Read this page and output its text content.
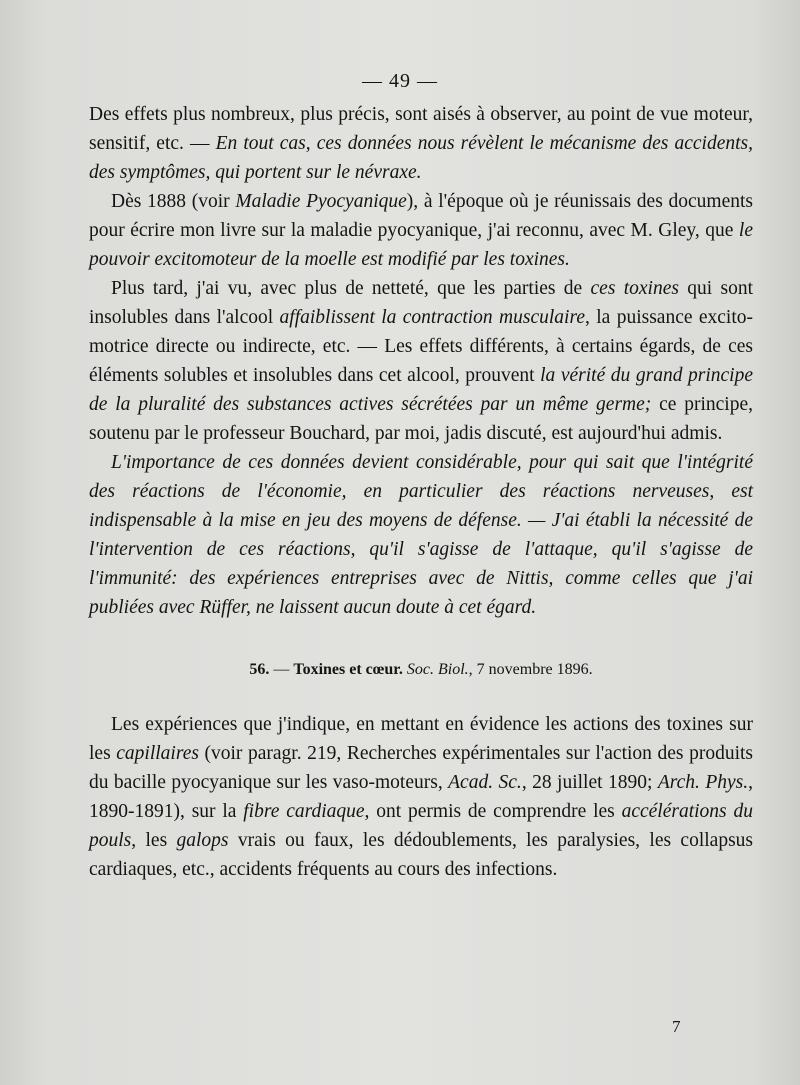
— 49 —

Des effets plus nombreux, plus précis, sont aisés à observer, au point de vue moteur, sensitif, etc. — En tout cas, ces données nous révèlent le mécanisme des accidents, des symptômes, qui portent sur le névraxe.

Dès 1888 (voir Maladie Pyocyanique), à l'époque où je réunissais des documents pour écrire mon livre sur la maladie pyocyanique, j'ai reconnu, avec M. Gley, que le pouvoir excitomoteur de la moelle est modifié par les toxines.

Plus tard, j'ai vu, avec plus de netteté, que les parties de ces toxines qui sont insolubles dans l'alcool affaiblissent la contraction musculaire, la puissance excito-motrice directe ou indirecte, etc. — Les effets différents, à certains égards, de ces éléments solubles et insolubles dans cet alcool, prouvent la vérité du grand principe de la pluralité des substances actives sécrétées par un même germe; ce principe, soutenu par le professeur Bouchard, par moi, jadis discuté, est aujourd'hui admis.

L'importance de ces données devient considérable, pour qui sait que l'intégrité des réactions de l'économie, en particulier des réactions nerveuses, est indispensable à la mise en jeu des moyens de défense. — J'ai établi la nécessité de l'intervention de ces réactions, qu'il s'agisse de l'attaque, qu'il s'agisse de l'immunité: des expériences entreprises avec de Nittis, comme celles que j'ai publiées avec Rüffer, ne laissent aucun doute à cet égard.

56. — Toxines et cœur. Soc. Biol., 7 novembre 1896.

Les expériences que j'indique, en mettant en évidence les actions des toxines sur les capillaires (voir paragr. 219, Recherches expérimentales sur l'action des produits du bacille pyocyanique sur les vaso-moteurs, Acad. Sc., 28 juillet 1890; Arch. Phys., 1890-1891), sur la fibre cardiaque, ont permis de comprendre les accélérations du pouls, les galops vrais ou faux, les dédoublements, les paralysies, les collapsus cardiaques, etc., accidents fréquents au cours des infections.

7
